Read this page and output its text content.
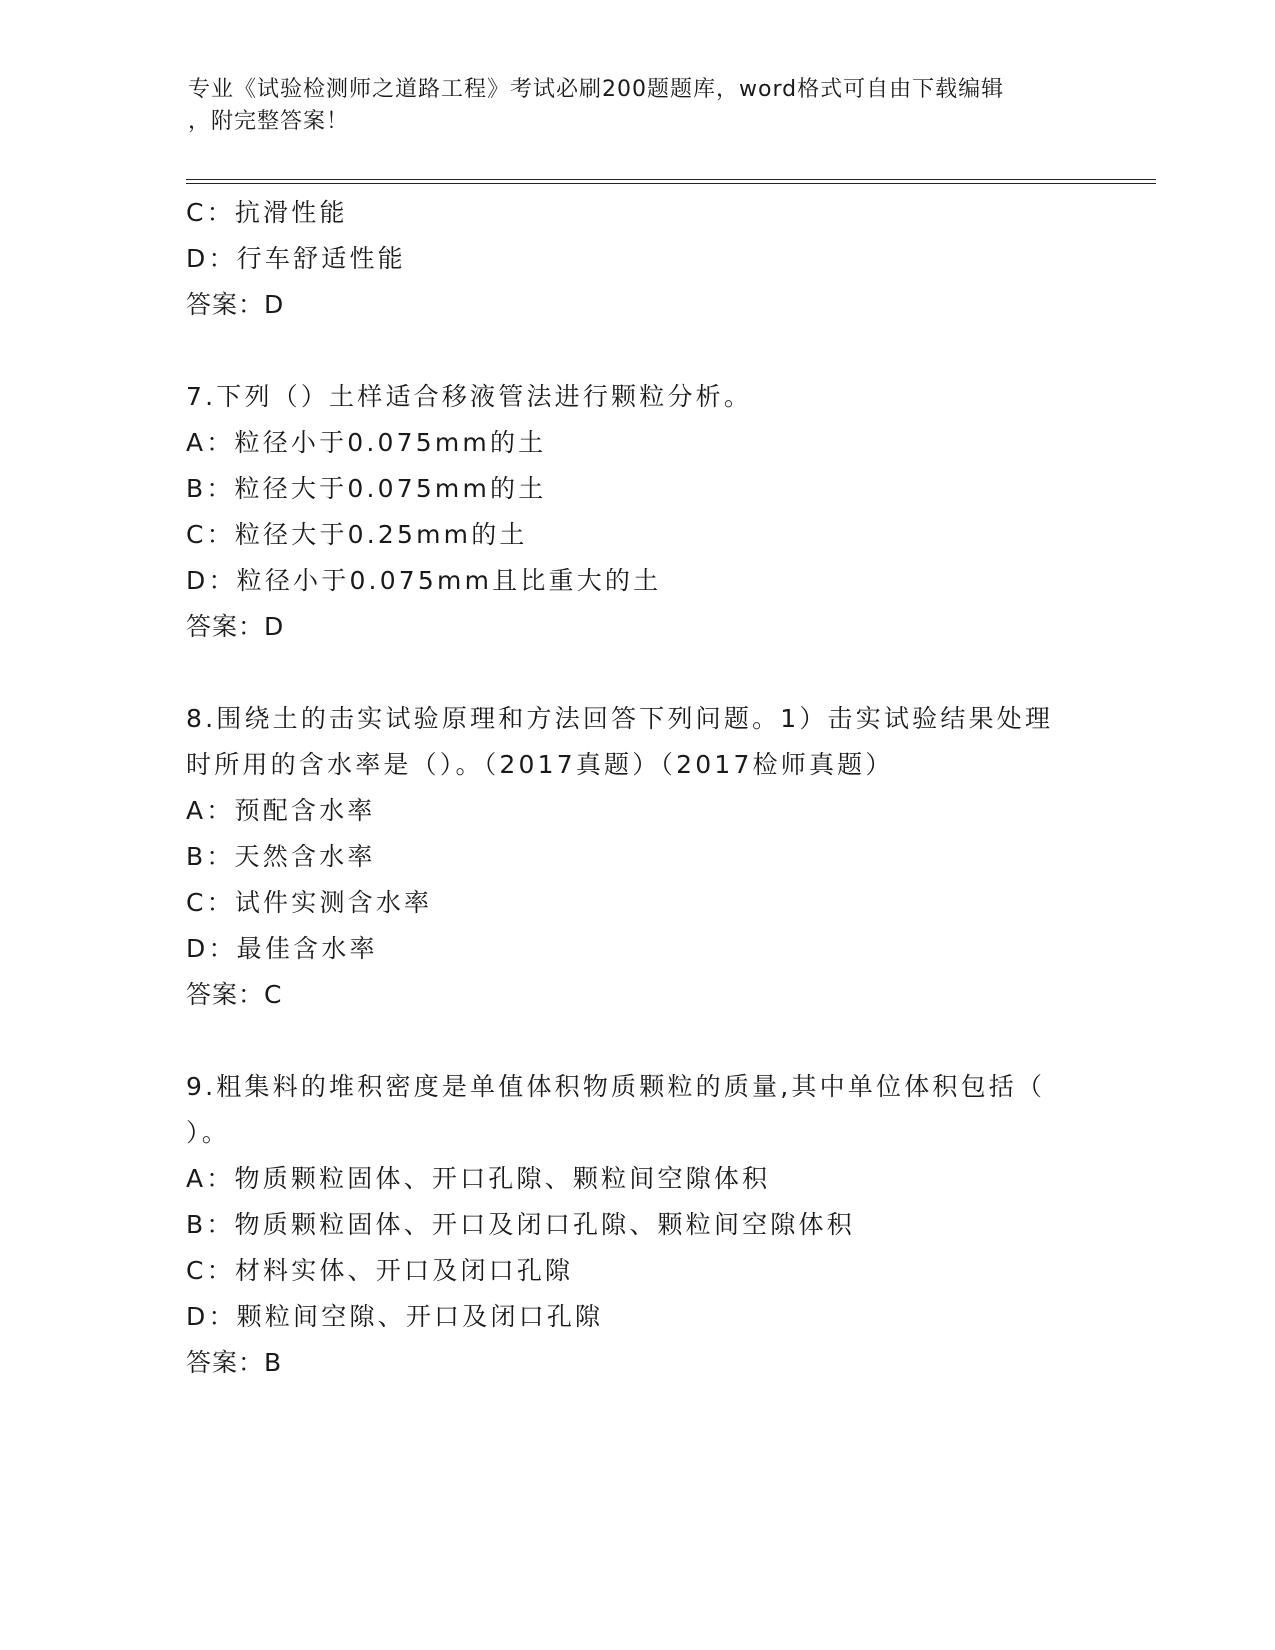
专业《试验检测师之道路工程》考试必刷200题题库，word格式可自由下载编辑
，附完整答案！
C：抗滑性能
D：行车舒适性能
答案：D
7.下列（）土样适合移液管法进行颗粒分析。
A：粒径小于0.075mm的土
B：粒径大于0.075mm的土
C：粒径大于0.25mm的土
D：粒径小于0.075mm且比重大的土
答案：D
8.围绕土的击实试验原理和方法回答下列问题。1）击实试验结果处理
时所用的含水率是（）。（2017真题）（2017检师真题）
A：预配含水率
B：天然含水率
C：试件实测含水率
D：最佳含水率
答案：C
9.粗集料的堆积密度是单值体积物质颗粒的质量,其中单位体积包括（
）。
A：物质颗粒固体、开口孔隙、颗粒间空隙体积
B：物质颗粒固体、开口及闭口孔隙、颗粒间空隙体积
C：材料实体、开口及闭口孔隙
D：颗粒间空隙、开口及闭口孔隙
答案：B
